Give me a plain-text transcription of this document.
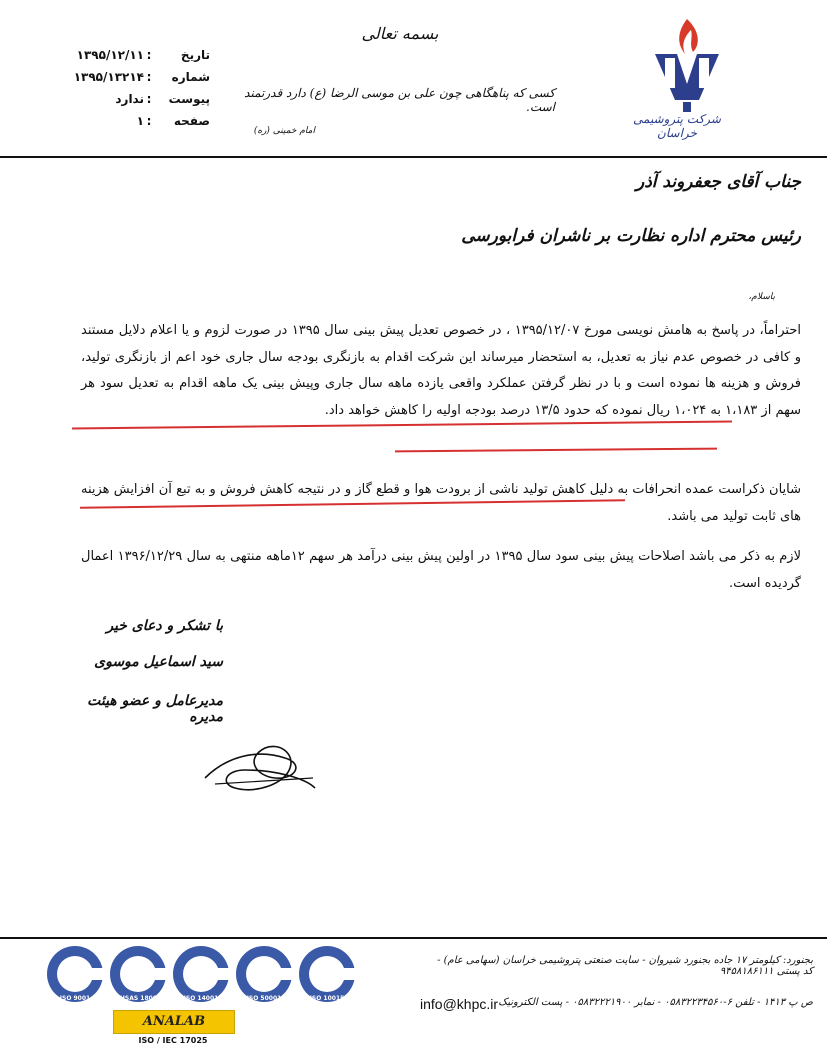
شرکت پتروشیمی خراسان
بسمه تعالی
کسی که پناهگاهی چون علی بن موسی الرضا (ع) دارد قدرتمند است.
امام خمینی (ره)
تاریخ
:
۱۳۹۵/۱۲/۱۱
شماره
:
۱۳۹۵/۱۳۲۱۴
پیوست
:
ندارد
صفحه
:
۱
جناب آقای جعفروند آذر
رئیس محترم اداره نظارت بر ناشران فرابورسی
باسلام،
احتراماً، در پاسخ به هامش نویسی مورخ ۱۳۹۵/۱۲/۰۷ ، در خصوص تعدیل پیش بینی سال ۱۳۹۵ در صورت لزوم و یا اعلام دلایل مستند و کافی در خصوص عدم نیاز به تعدیل، به استحضار میرساند این شرکت اقدام به بازنگری بودجه سال جاری خود اعم از بازنگری تولید، فروش و هزینه ها نموده است و با در نظر گرفتن عملکرد واقعی یازده ماهه سال جاری وپیش بینی یک ماهه اقدام به تعدیل سود هر سهم از ۱،۱۸۳ به ۱،۰۲۴ ریال نموده که حدود ۱۳/۵ درصد بودجه اولیه را کاهش خواهد داد.
شایان ذکراست عمده انحرافات به دلیل کاهش تولید ناشی از برودت هوا و قطع گاز و در نتیجه کاهش فروش و به تبع آن افزایش هزینه های ثابت تولید می باشد.
لازم به ذکر می باشد اصلاحات پیش بینی سود سال ۱۳۹۵ در اولین پیش بینی درآمد هر سهم ۱۲ماهه منتهی به سال ۱۳۹۶/۱۲/۲۹ اعمال گردیده است.
با تشکر و دعای خیر
سید اسماعیل موسوی
مدیرعامل و عضو هیئت مدیره
بجنورد: کیلومتر ۱۷ جاده بجنورد شیروان - سایت صنعتی پتروشیمی خراسان (سهامی عام) - کد پستی ۹۴۵۸۱۸۶۱۱۱
ص پ ۱۴۱۳ - تلفن ۶-۰۵۸۳۲۲۳۴۵۶۰ - نمابر ۰۵۸۳۲۲۲۱۹۰۰ - پست الکترونیک
info@khpc.ir
ISO 9001	OHSAS 18001	ISO 14001	ISO 50001	ISO 10015
ANALAB
ISO / IEC 17025
